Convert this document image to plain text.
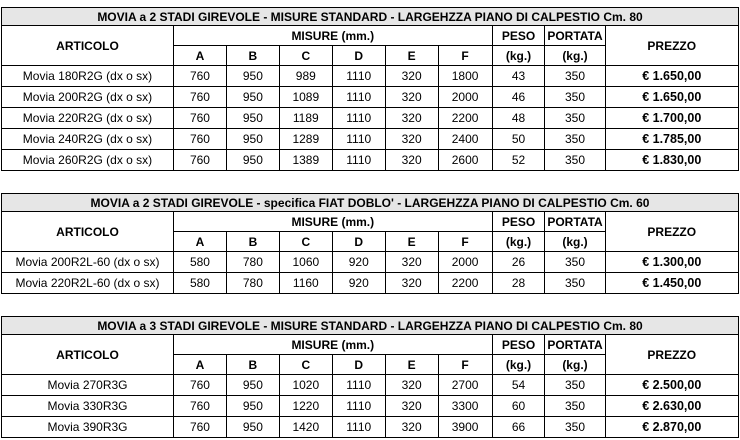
MOVIA a 2 STADI GIREVOLE - MISURE STANDARD - LARGEHZZA PIANO DI CALPESTIO Cm. 80									
ARTICOLO	MISURE (mm.)						PESO	PORTATA	PREZZO
	A	B	C	D	E	F	(kg.)	(kg.)	
Movia 180R2G (dx o sx)	760	950	989	1110	320	1800	43	350	€ 1.650,00
Movia 200R2G (dx o sx)	760	950	1089	1110	320	2000	46	350	€ 1.650,00
Movia 220R2G (dx o sx)	760	950	1189	1110	320	2200	48	350	€ 1.700,00
Movia 240R2G (dx o sx)	760	950	1289	1110	320	2400	50	350	€ 1.785,00
Movia 260R2G (dx o sx)	760	950	1389	1110	320	2600	52	350	€ 1.830,00
MOVIA a 2 STADI GIREVOLE - specifica FIAT DOBLO' - LARGEHZZA PIANO DI CALPESTIO Cm. 60									
ARTICOLO	MISURE (mm.)						PESO	PORTATA	PREZZO
	A	B	C	D	E	F	(kg.)	(kg.)	
Movia 200R2L-60 (dx o sx)	580	780	1060	920	320	2000	26	350	€ 1.300,00
Movia 220R2L-60 (dx o sx)	580	780	1160	920	320	2200	28	350	€ 1.450,00
MOVIA a 3 STADI GIREVOLE - MISURE STANDARD - LARGEHZZA PIANO DI CALPESTIO Cm. 80									
ARTICOLO	MISURE (mm.)						PESO	PORTATA	PREZZO
	A	B	C	D	E	F	(kg.)	(kg.)	
Movia 270R3G	760	950	1020	1110	320	2700	54	350	€ 2.500,00
Movia 330R3G	760	950	1220	1110	320	3300	60	350	€ 2.630,00
Movia 390R3G	760	950	1420	1110	320	3900	66	350	€ 2.870,00
